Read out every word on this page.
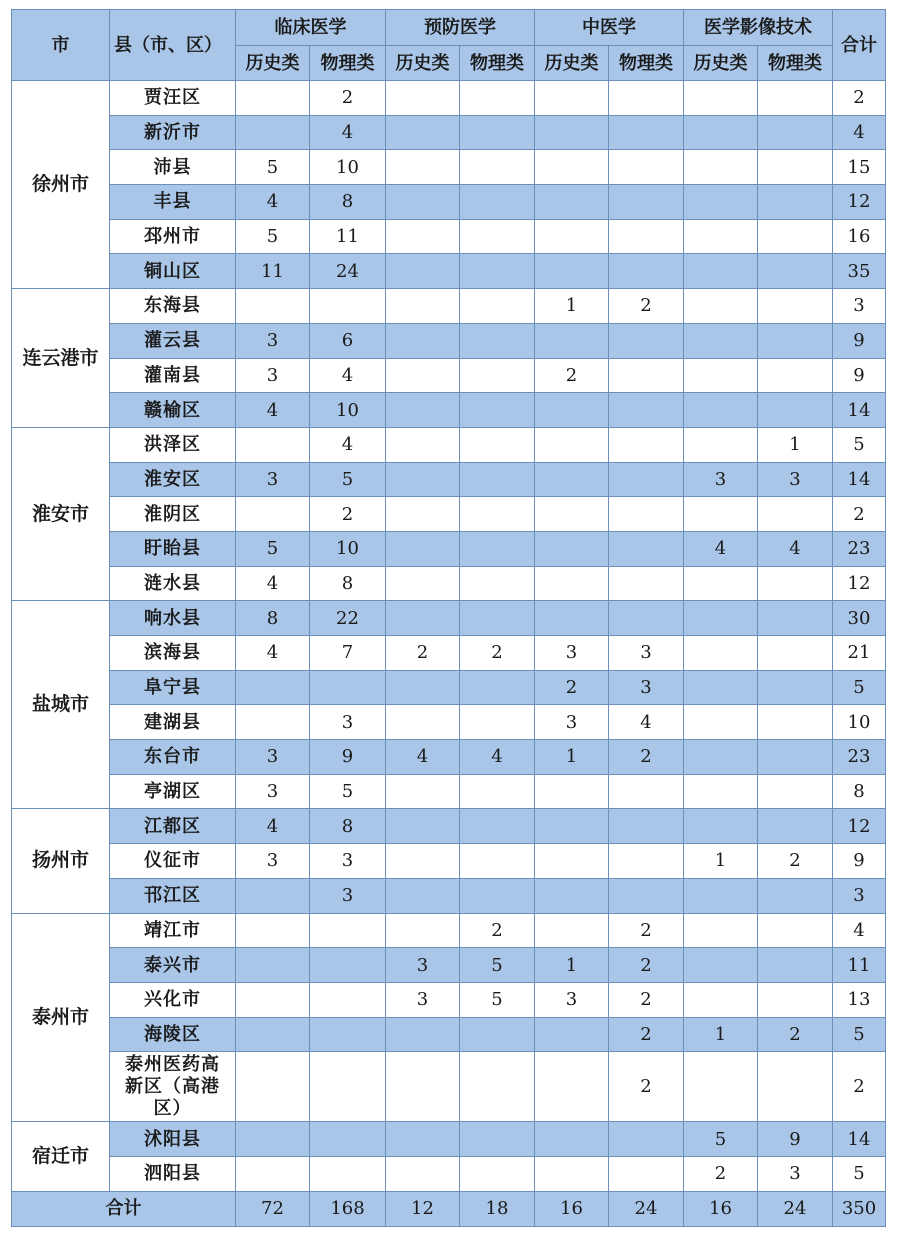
市	县（市、区）	临床医学		预防医学		中医学		医学影像技术		合计
		历史类	物理类	历史类	物理类	历史类	物理类	历史类	物理类	
徐州市	贾汪区		2							2
	新沂市		4							4
	沛县	5	10							15
	丰县	4	8							12
	邳州市	5	11							16
	铜山区	11	24							35
连云港市	东海县					1	2			3
	灌云县	3	6							9
	灌南县	3	4			2				9
	赣榆区	4	10							14
淮安市	洪泽区		4						1	5
	淮安区	3	5					3	3	14
	淮阴区		2							2
	盱眙县	5	10					4	4	23
	涟水县	4	8							12
盐城市	响水县	8	22							30
	滨海县	4	7	2	2	3	3			21
	阜宁县					2	3			5
	建湖县		3			3	4			10
	东台市	3	9	4	4	1	2			23
	亭湖区	3	5							8
扬州市	江都区	4	8							12
	仪征市	3	3					1	2	9
	邗江区		3							3
泰州市	靖江市				2		2			4
	泰兴市			3	5	1	2			11
	兴化市			3	5	3	2			13
	海陵区						2	1	2	5
	泰州医药高新区（高港区）						2			2
宿迁市	沭阳县							5	9	14
	泗阳县							2	3	5
合计		72	168	12	18	16	24	16	24	350
